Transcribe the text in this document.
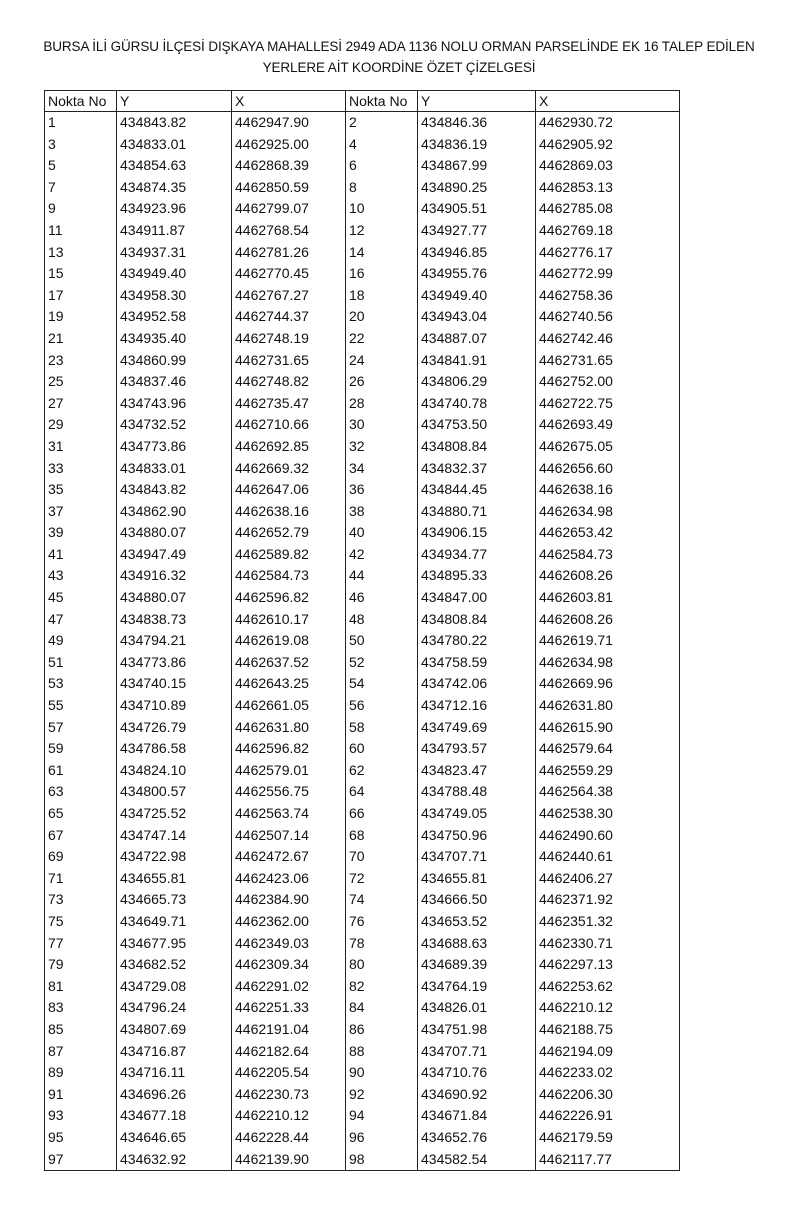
BURSA İLİ GÜRSU İLÇESİ DIŞKAYA MAHALLESİ 2949 ADA 1136 NOLU ORMAN PARSELİNDE EK 16 TALEP EDİLEN
YERLERE AİT KOORDİNE ÖZET ÇİZELGESİ
Nokta No	Y	X	Nokta No	Y	X
1	434843.82	4462947.90	2	434846.36	4462930.72
3	434833.01	4462925.00	4	434836.19	4462905.92
5	434854.63	4462868.39	6	434867.99	4462869.03
7	434874.35	4462850.59	8	434890.25	4462853.13
9	434923.96	4462799.07	10	434905.51	4462785.08
11	434911.87	4462768.54	12	434927.77	4462769.18
13	434937.31	4462781.26	14	434946.85	4462776.17
15	434949.40	4462770.45	16	434955.76	4462772.99
17	434958.30	4462767.27	18	434949.40	4462758.36
19	434952.58	4462744.37	20	434943.04	4462740.56
21	434935.40	4462748.19	22	434887.07	4462742.46
23	434860.99	4462731.65	24	434841.91	4462731.65
25	434837.46	4462748.82	26	434806.29	4462752.00
27	434743.96	4462735.47	28	434740.78	4462722.75
29	434732.52	4462710.66	30	434753.50	4462693.49
31	434773.86	4462692.85	32	434808.84	4462675.05
33	434833.01	4462669.32	34	434832.37	4462656.60
35	434843.82	4462647.06	36	434844.45	4462638.16
37	434862.90	4462638.16	38	434880.71	4462634.98
39	434880.07	4462652.79	40	434906.15	4462653.42
41	434947.49	4462589.82	42	434934.77	4462584.73
43	434916.32	4462584.73	44	434895.33	4462608.26
45	434880.07	4462596.82	46	434847.00	4462603.81
47	434838.73	4462610.17	48	434808.84	4462608.26
49	434794.21	4462619.08	50	434780.22	4462619.71
51	434773.86	4462637.52	52	434758.59	4462634.98
53	434740.15	4462643.25	54	434742.06	4462669.96
55	434710.89	4462661.05	56	434712.16	4462631.80
57	434726.79	4462631.80	58	434749.69	4462615.90
59	434786.58	4462596.82	60	434793.57	4462579.64
61	434824.10	4462579.01	62	434823.47	4462559.29
63	434800.57	4462556.75	64	434788.48	4462564.38
65	434725.52	4462563.74	66	434749.05	4462538.30
67	434747.14	4462507.14	68	434750.96	4462490.60
69	434722.98	4462472.67	70	434707.71	4462440.61
71	434655.81	4462423.06	72	434655.81	4462406.27
73	434665.73	4462384.90	74	434666.50	4462371.92
75	434649.71	4462362.00	76	434653.52	4462351.32
77	434677.95	4462349.03	78	434688.63	4462330.71
79	434682.52	4462309.34	80	434689.39	4462297.13
81	434729.08	4462291.02	82	434764.19	4462253.62
83	434796.24	4462251.33	84	434826.01	4462210.12
85	434807.69	4462191.04	86	434751.98	4462188.75
87	434716.87	4462182.64	88	434707.71	4462194.09
89	434716.11	4462205.54	90	434710.76	4462233.02
91	434696.26	4462230.73	92	434690.92	4462206.30
93	434677.18	4462210.12	94	434671.84	4462226.91
95	434646.65	4462228.44	96	434652.76	4462179.59
97	434632.92	4462139.90	98	434582.54	4462117.77
